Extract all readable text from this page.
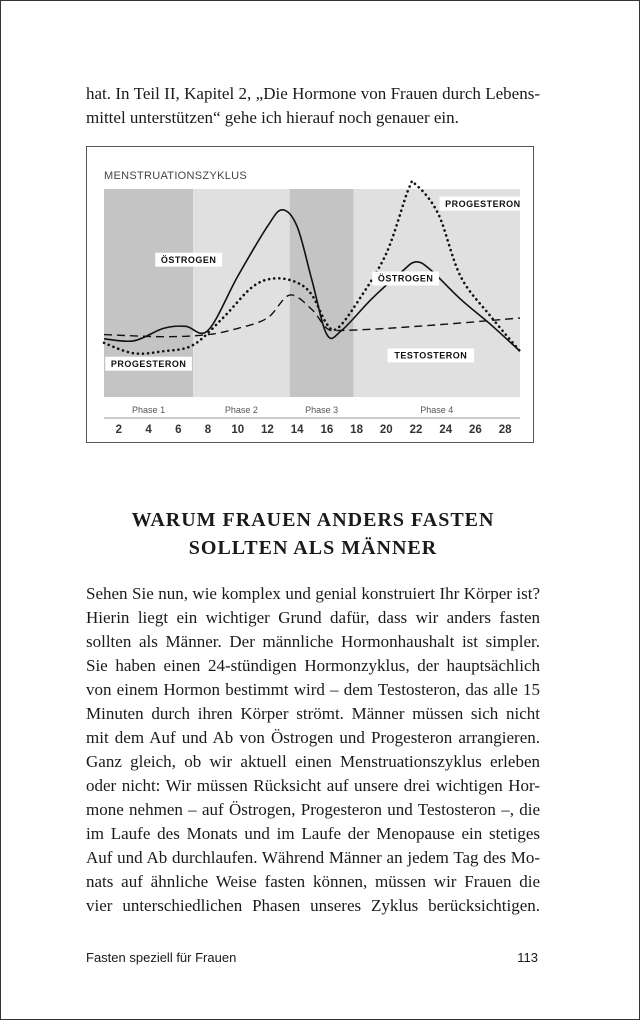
hat. In Teil II, Kapitel 2, „Die Hormone von Frauen durch Lebens-
mittel unterstützen“ gehe ich hierauf noch genauer ein.

MENSTRUATIONSZYKLUS
Phase 1	Phase 2	Phase 3	Phase 4
2 4 6 8 10 12 14 16 18 20 22 24 26 28
ÖSTROGEN
PROGESTERON
ÖSTROGEN
TESTOSTERON
PROGESTERON
WARUM FRAUEN ANDERS FASTEN
SOLLTEN ALS MÄNNER
Sehen Sie nun, wie komplex und genial konstruiert Ihr Körper ist?
Hierin liegt ein wichtiger Grund dafür, dass wir anders fasten
sollten als Männer. Der männliche Hormonhaushalt ist simpler.
Sie haben einen 24-stündigen Hormonzyklus, der hauptsächlich
von einem Hormon bestimmt wird – dem Testosteron, das alle 15
Minuten durch ihren Körper strömt. Männer müssen sich nicht
mit dem Auf und Ab von Östrogen und Progesteron arrangieren.
Ganz gleich, ob wir aktuell einen Menstruationszyklus erleben
oder nicht: Wir müssen Rücksicht auf unsere drei wichtigen Hor-
mone nehmen – auf Östrogen, Progesteron und Testosteron –, die
im Laufe des Monats und im Laufe der Menopause ein stetiges
Auf und Ab durchlaufen. Während Männer an jedem Tag des Mo-
nats auf ähnliche Weise fasten können, müssen wir Frauen die
vier unterschiedlichen Phasen unseres Zyklus berücksichtigen.
Fasten speziell für Frauen	113
